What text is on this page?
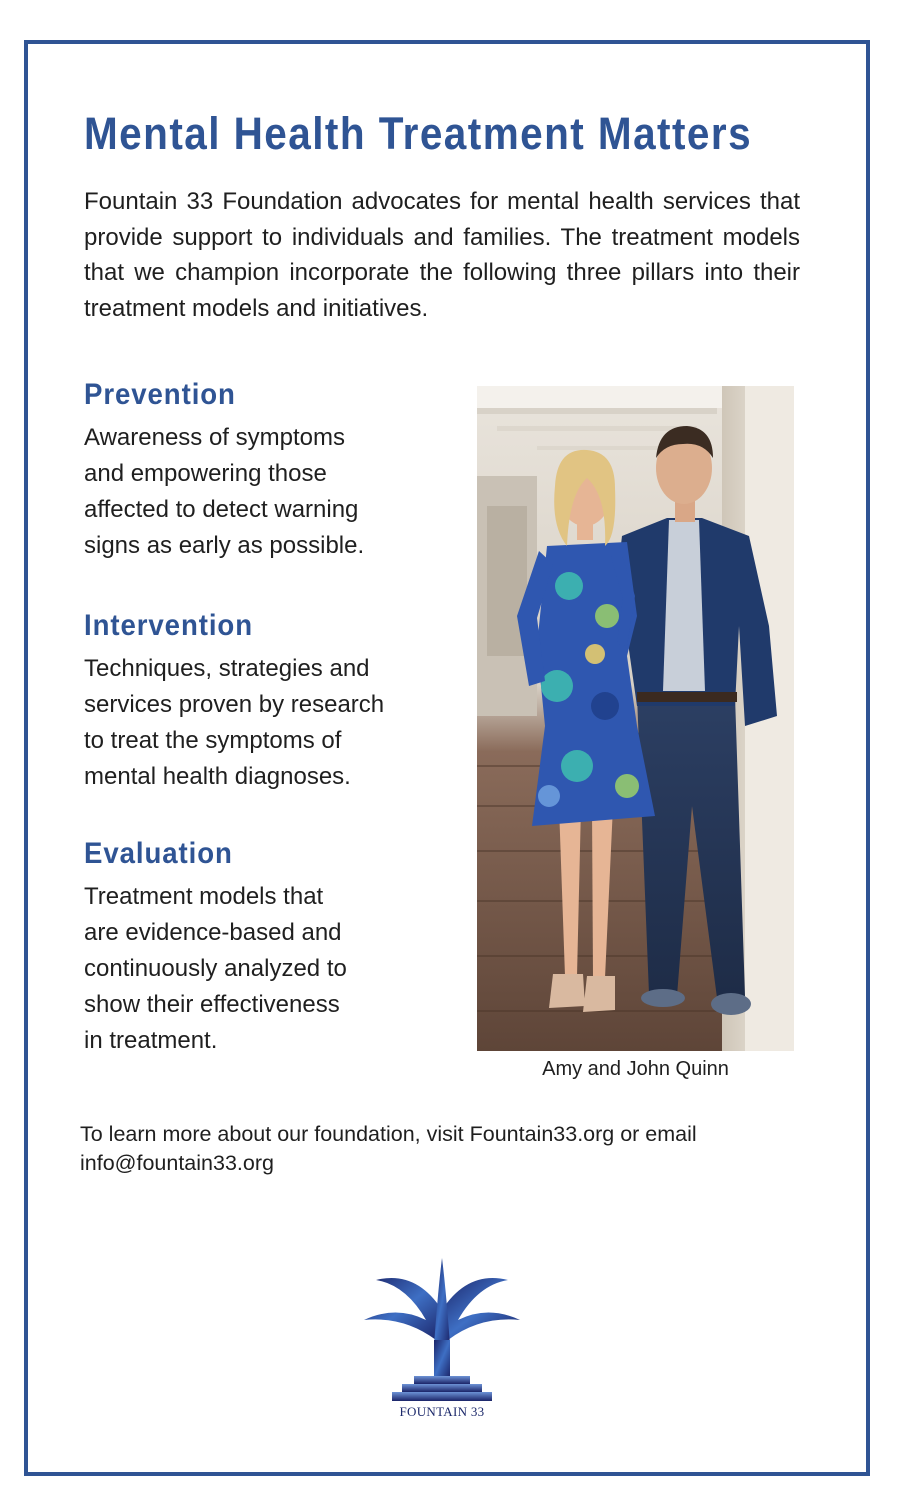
Mental Health Treatment Matters

Fountain 33 Foundation advocates for mental health services that provide support to individuals and families. The treatment models that we champion incorporate the following three pillars into their treatment models and initiatives.

Prevention

Awareness of symptoms
and empowering those
affected to detect warning
signs as early as possible.

Intervention

Techniques, strategies and
services proven by research
to treat the symptoms of
mental health diagnoses.

Evaluation

Treatment models that
are evidence-based and
continuously analyzed to
show their effectiveness
in treatment.

Amy and John Quinn

To learn more about our foundation, visit Fountain33.org or email
info@fountain33.org

FOUNTAIN 33
